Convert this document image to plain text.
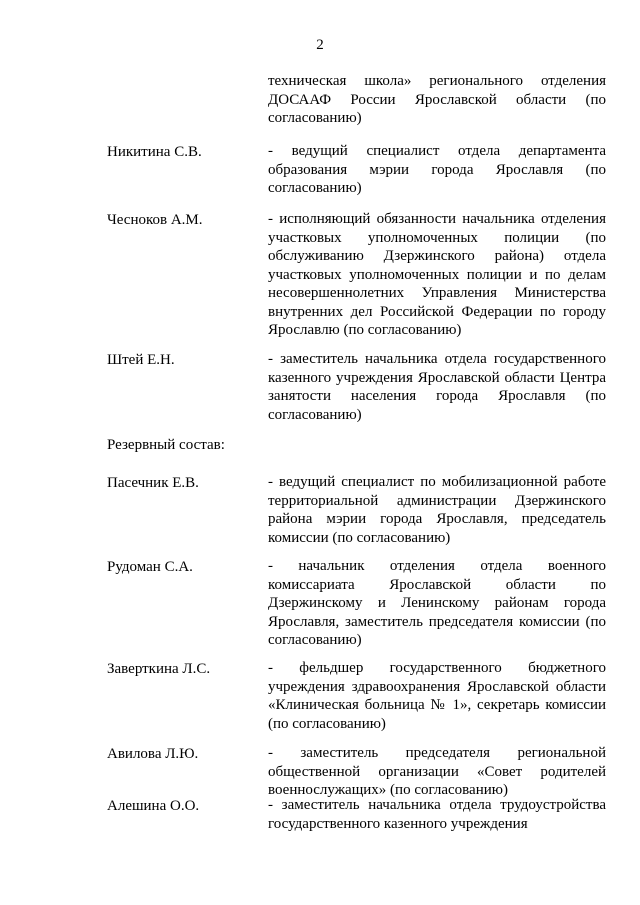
2
техническая школа» регионального отделения ДОСААФ России Ярославской области (по согласованию)
Никитина С.В.	- ведущий специалист отдела департамента образования мэрии города Ярославля (по согласованию)
Чесноков А.М.	- исполняющий обязанности начальника отделения участковых уполномоченных полиции (по обслуживанию Дзержинского района) отдела участковых уполномоченных полиции и по делам несовершеннолетних Управления Министерства внутренних дел Российской Федерации по городу Ярославлю (по согласованию)
Штей Е.Н.	- заместитель начальника отдела государственного казенного учреждения Ярославской области Центра занятости населения города Ярославля (по согласованию)
Резервный состав:
Пасечник Е.В.	- ведущий специалист по мобилизационной работе территориальной администрации Дзержинского района мэрии города Ярославля, председатель комиссии (по согласованию)
Рудоман С.А.	- начальник отделения отдела военного комиссариата Ярославской области по Дзержинскому и Ленинскому районам города Ярославля, заместитель председателя комиссии (по согласованию)
Заверткина Л.С.	- фельдшер государственного бюджетного учреждения здравоохранения Ярославской области «Клиническая больница № 1», секретарь комиссии (по согласованию)
Авилова Л.Ю.	- заместитель председателя региональной общественной организации «Совет родителей военнослужащих» (по согласованию)
Алешина О.О.	- заместитель начальника отдела трудоустройства государственного казенного учреждения
